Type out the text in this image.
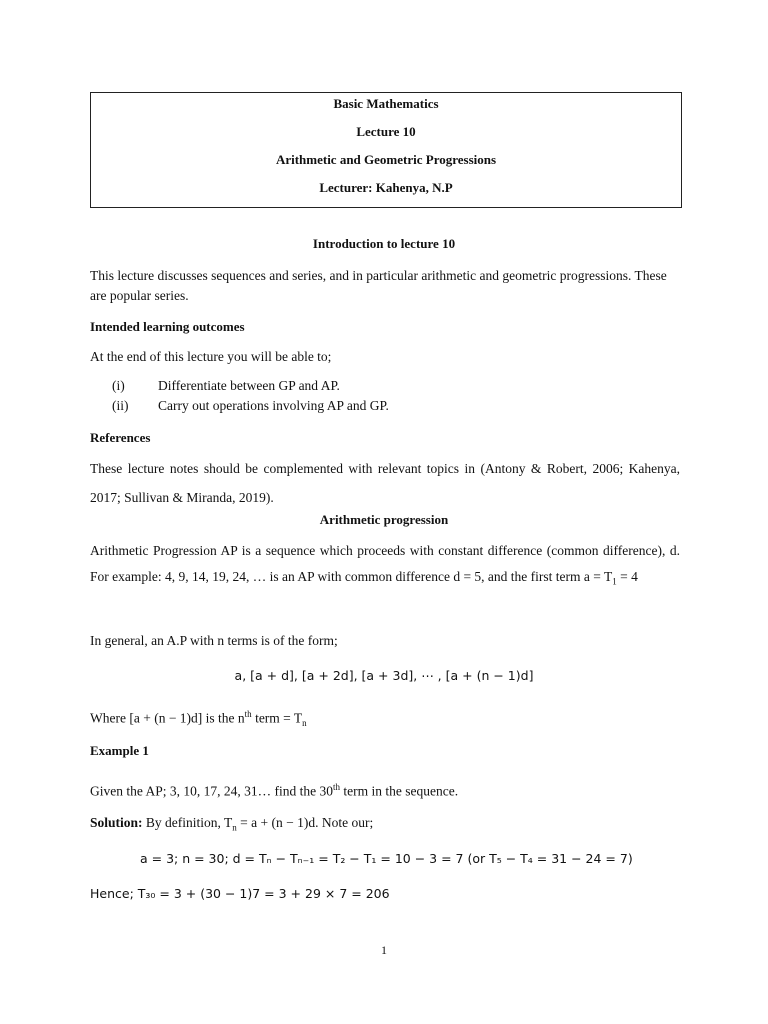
Basic Mathematics
Lecture 10
Arithmetic and Geometric Progressions
Lecturer: Kahenya, N.P
Introduction to lecture 10
This lecture discusses sequences and series, and in particular arithmetic and geometric progressions. These are popular series.
Intended learning outcomes
At the end of this lecture you will be able to;
(i) Differentiate between GP and AP.
(ii) Carry out operations involving AP and GP.
References
These lecture notes should be complemented with relevant topics in (Antony & Robert, 2006; Kahenya, 2017; Sullivan & Miranda, 2019).
Arithmetic progression
Arithmetic Progression AP is a sequence which proceeds with constant difference (common difference), d. For example: 4, 9, 14, 19, 24, … is an AP with common difference d = 5, and the first term $a = T_1 = 4$
In general, an A.P with n terms is of the form;
a, [a + d], [a + 2d], [a + 3d], ⋯ , [a + (n − 1)d]
Where [a + (n − 1)d] is the $n^{th}$ term = $T_n$
Example 1
Given the AP; 3, 10, 17, 24, 31… find the 30th term in the sequence.
Solution: By definition, $T_n = a + (n - 1)d$. Note our;
a = 3; n = 30; d = Tₙ − Tₙ₋₁ = T₂ − T₁ = 10 − 3 = 7 (or T₅ − T₄ = 31 − 24 = 7)
Hence; T₃₀ = 3 + (30 − 1)7 = 3 + 29 × 7 = 206
1
